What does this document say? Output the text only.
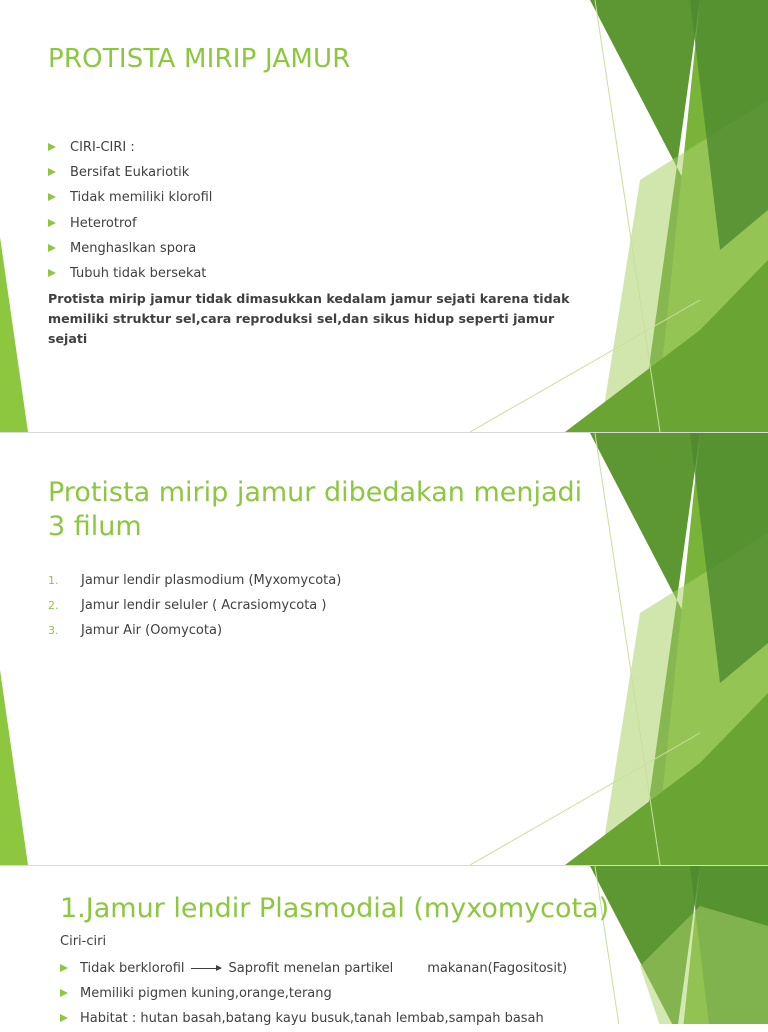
PROTISTA MIRIP JAMUR
CIRI-CIRI :
Bersifat Eukariotik
Tidak memiliki klorofil
Heterotrof
Menghaslkan spora
Tubuh tidak bersekat
Protista mirip jamur tidak dimasukkan kedalam jamur sejati karena tidak
memiliki struktur sel,cara reproduksi sel,dan sikus hidup seperti jamur sejati
Protista mirip jamur dibedakan menjadi
3 filum
1. Jamur lendir plasmodium (Myxomycota)
2. Jamur lendir seluler ( Acrasiomycota )
3. Jamur Air (Oomycota)
1.Jamur lendir Plasmodial (myxomycota)
Ciri-ciri
Tidak berklorofil	Saprofit menelan partikel	makanan(Fagositosit)
Memiliki pigmen kuning,orange,terang
Habitat : hutan basah,batang kayu busuk,tanah lembab,sampah basah
